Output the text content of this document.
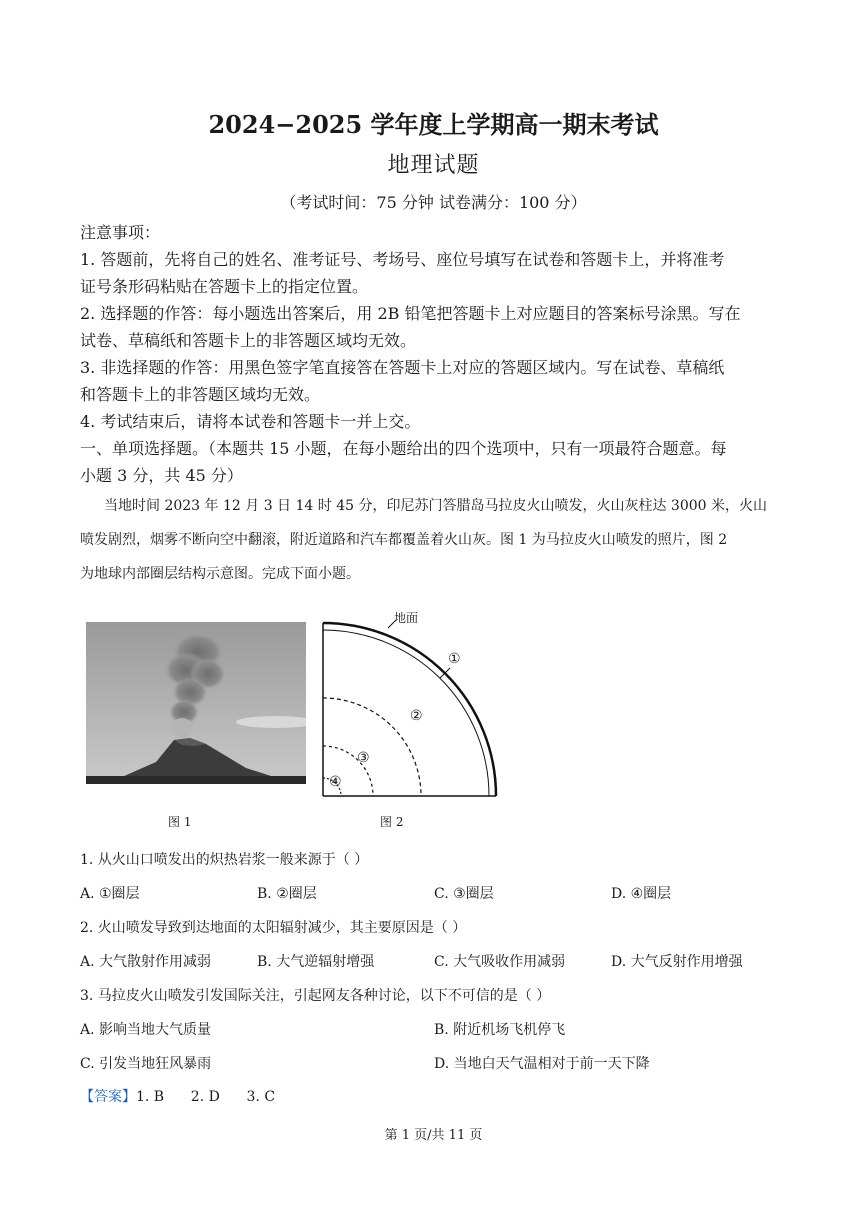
2024−2025 学年度上学期高一期末考试
地理试题
（考试时间：75 分钟 试卷满分：100 分）
注意事项：
1. 答题前，先将自己的姓名、准考证号、考场号、座位号填写在试卷和答题卡上，并将准考
证号条形码粘贴在答题卡上的指定位置。
2. 选择题的作答：每小题选出答案后，用 2B 铅笔把答题卡上对应题目的答案标号涂黑。写在
试卷、草稿纸和答题卡上的非答题区域均无效。
3. 非选择题的作答：用黑色签字笔直接答在答题卡上对应的答题区域内。写在试卷、草稿纸
和答题卡上的非答题区域均无效。
4. 考试结束后，请将本试卷和答题卡一并上交。
一、单项选择题。（本题共 15 小题，在每小题给出的四个选项中，只有一项最符合题意。每
小题 3 分，共 45 分）
当地时间 2023 年 12 月 3 日 14 时 45 分，印尼苏门答腊岛马拉皮火山喷发，火山灰柱达 3000 米，火山
喷发剧烈，烟雾不断向空中翻滚，附近道路和汽车都覆盖着火山灰。图 1 为马拉皮火山喷发的照片，图 2
为地球内部圈层结构示意图。完成下面小题。
图 1
地面
①
②
③
④
图 2
1. 从火山口喷发出的炽热岩浆一般来源于（ ）
A. ①圈层	B. ②圈层	C. ③圈层	D. ④圈层
2. 火山喷发导致到达地面的太阳辐射减少，其主要原因是（ ）
A. 大气散射作用减弱	B. 大气逆辐射增强	C. 大气吸收作用减弱	D. 大气反射作用增强
3. 马拉皮火山喷发引发国际关注，引起网友各种讨论，以下不可信的是（ ）
A. 影响当地大气质量	B. 附近机场飞机停飞
C. 引发当地狂风暴雨	D. 当地白天气温相对于前一天下降
【答案】1. B      2. D      3. C
第 1 页/共 11 页
